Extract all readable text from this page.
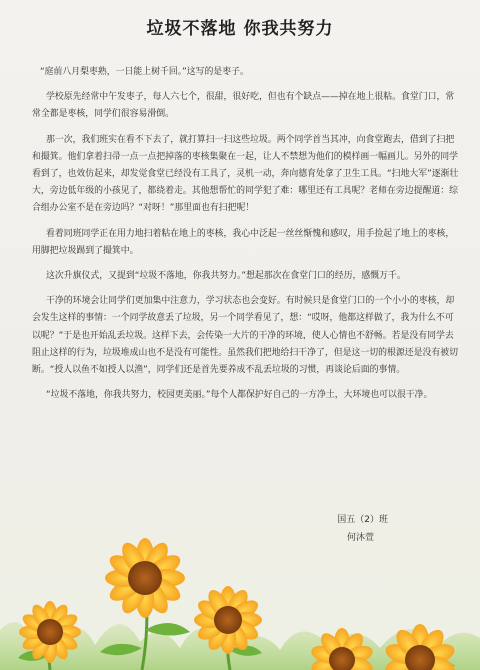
垃圾不落地 你我共努力

“庭前八月梨枣熟，一日能上树千回。”这写的是枣子。

学校原先经常中午发枣子，每人六七个，很甜，很好吃，但也有个缺点——掉在地上很粘。食堂门口，常常全都是枣核，同学们很容易滑倒。

那一次，我们班实在看不下去了，就打算扫一扫这些垃圾。两个同学首当其冲，向食堂跑去，借到了扫把和撮箕。他们拿着扫帚一点一点把掉落的枣核集聚在一起，让人不禁想为他们的模样画一幅画儿。另外的同学看到了，也效仿起来，却发觉食堂已经没有工具了，灵机一动，奔向德育处拿了卫生工具。“扫地大军”逐渐壮大，旁边低年级的小孩见了，都绕着走。其他想帮忙的同学犯了难：哪里还有工具呢？老师在旁边提醒道：综合组办公室不是在旁边吗？“对呀！”那里面也有扫把呢！

看着同班同学正在用力地扫着粘在地上的枣核，我心中泛起一丝丝惭愧和感叹，用手捡起了地上的枣核，用脚把垃圾踢到了撮箕中。

这次升旗仪式，又提到“垃圾不落地，你我共努力。”想起那次在食堂门口的经历，感慨万千。

干净的环境会让同学们更加集中注意力，学习状态也会变好。有时候只是食堂门口的一个小小的枣核，却会发生这样的事情：一个同学故意丢了垃圾，另一个同学看见了，想：“哎呀，他都这样做了，我为什么不可以呢？”于是也开始乱丢垃圾。这样下去，会传染一大片的干净的环境，使人心情也不舒畅。若是没有同学去阻止这样的行为，垃圾堆成山也不是没有可能性。虽然我们把地给扫干净了，但是这一切的根源还是没有被切断。“授人以鱼不如授人以渔”，同学们还是首先要养成不乱丢垃圾的习惯，再谈论后面的事情。

“垃圾不落地，你我共努力，校园更美丽。”每个人都保护好自己的一方净土，大环境也可以很干净。

国五（2）班
何沐萱
